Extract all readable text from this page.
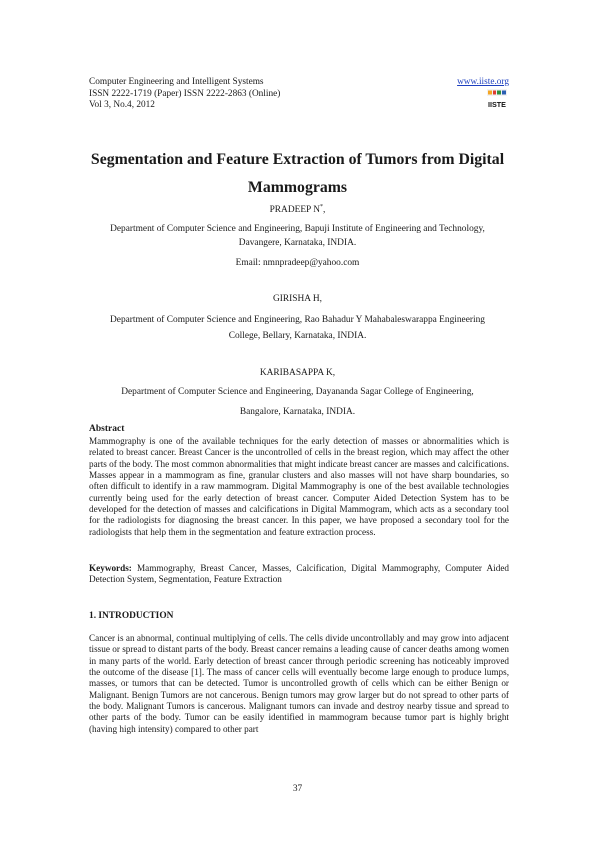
Computer Engineering and Intelligent Systems
ISSN 2222-1719 (Paper) ISSN 2222-2863 (Online)
Vol 3, No.4, 2012
www.iiste.org
IISTE
Segmentation and Feature Extraction of Tumors from Digital
Mammograms
PRADEEP N*,
Department of Computer Science and Engineering, Bapuji Institute of Engineering and Technology,
Davangere, Karnataka, INDIA.
Email: nmnpradeep@yahoo.com
GIRISHA H,
Department of Computer Science and Engineering, Rao Bahadur Y Mahabaleswarappa Engineering
College, Bellary, Karnataka, INDIA.
KARIBASAPPA K,
Department of Computer Science and Engineering, Dayananda Sagar College of Engineering,
Bangalore, Karnataka, INDIA.
Abstract
Mammography is one of the available techniques for the early detection of masses or abnormalities which is related to breast cancer. Breast Cancer is the uncontrolled of cells in the breast region, which may affect the other parts of the body. The most common abnormalities that might indicate breast cancer are masses and calcifications. Masses appear in a mammogram as fine, granular clusters and also masses will not have sharp boundaries, so often difficult to identify in a raw mammogram. Digital Mammography is one of the best available technologies currently being used for the early detection of breast cancer. Computer Aided Detection System has to be developed for the detection of masses and calcifications in Digital Mammogram, which acts as a secondary tool for the radiologists for diagnosing the breast cancer. In this paper, we have proposed a secondary tool for the radiologists that help them in the segmentation and feature extraction process.
Keywords: Mammography, Breast Cancer, Masses, Calcification, Digital Mammography, Computer Aided Detection System, Segmentation, Feature Extraction
1. INTRODUCTION
Cancer is an abnormal, continual multiplying of cells. The cells divide uncontrollably and may grow into adjacent tissue or spread to distant parts of the body. Breast cancer remains a leading cause of cancer deaths among women in many parts of the world. Early detection of breast cancer through periodic screening has noticeably improved the outcome of the disease [1]. The mass of cancer cells will eventually become large enough to produce lumps, masses, or tumors that can be detected. Tumor is uncontrolled growth of cells which can be either Benign or Malignant. Benign Tumors are not cancerous. Benign tumors may grow larger but do not spread to other parts of the body. Malignant Tumors is cancerous. Malignant tumors can invade and destroy nearby tissue and spread to other parts of the body. Tumor can be easily identified in mammogram because tumor part is highly bright (having high intensity) compared to other part
37
